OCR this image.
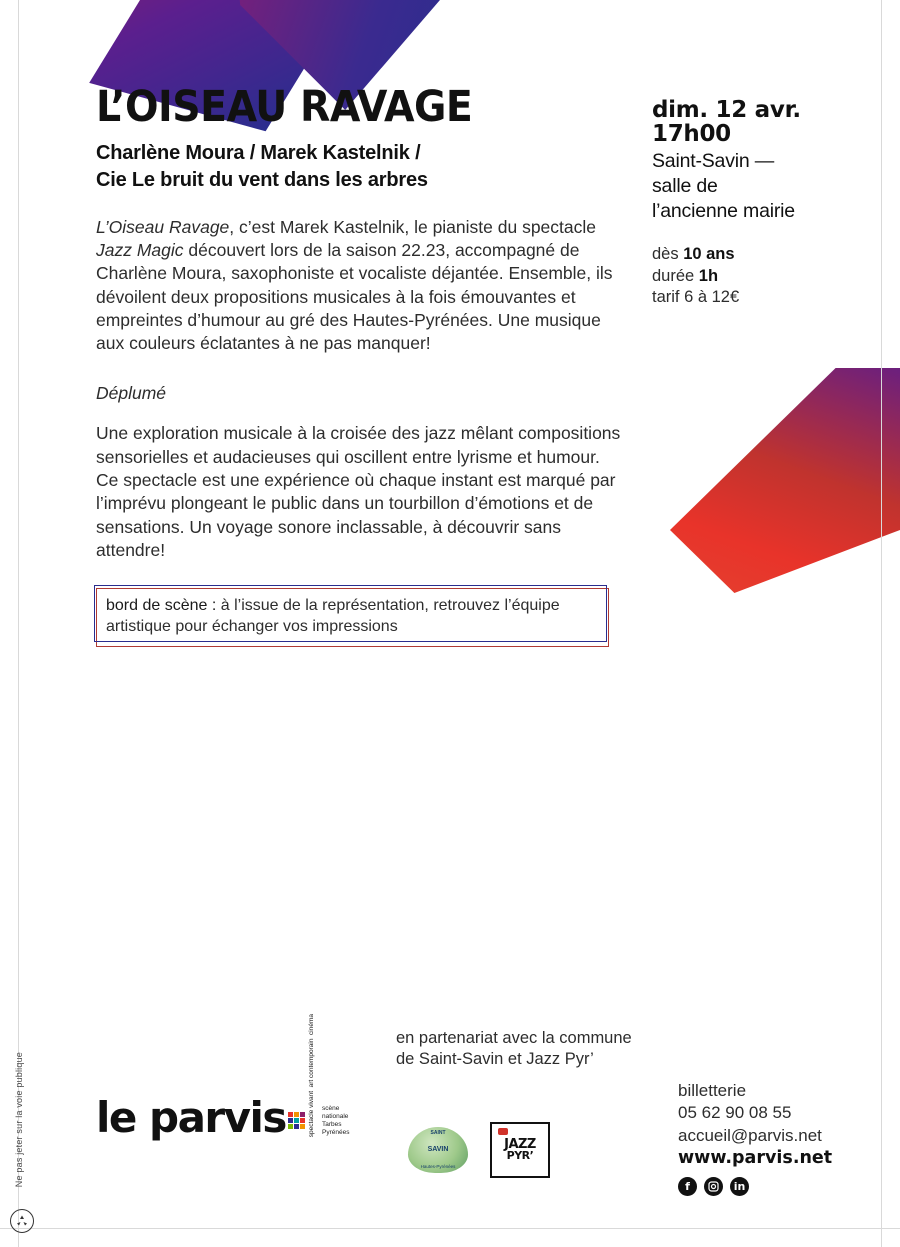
Ne pas jeter sur la voie publique
L’OISEAU RAVAGE
Charlène Moura / Marek Kastelnik /
Cie Le bruit du vent dans les arbres

L’Oiseau Ravage, c’est Marek Kastelnik, le pianiste du spectacle Jazz Magic découvert lors de la saison 22.23, accompagné de Charlène Moura, saxophoniste et vocaliste déjantée. Ensemble, ils dévoilent deux propositions musicales à la fois émouvantes et empreintes d’humour au gré des Hautes-Pyrénées. Une musique aux couleurs éclatantes à ne pas manquer!

Déplumé

Une exploration musicale à la croisée des jazz mêlant compositions sensorielles et audacieuses qui oscillent entre lyrisme et humour. Ce spectacle est une expérience où chaque instant est marqué par l’imprévu plongeant le public dans un tourbillon d’émotions et de sensations. Un voyage sonore inclassable, à découvrir sans attendre!

bord de scène : à l’issue de la représentation, retrouvez l’équipe artistique pour échanger vos impressions
dim. 12 avr.
17h00
Saint-Savin —
salle de
l’ancienne mairie
dès 10 ans
durée 1h
tarif 6 à 12€
le parvis	spectacle vivant  art contemporain  cinéma scène
nationale
Tarbes
Pyrénées
en partenariat avec la commune de Saint-Savin et Jazz Pyr’
SAINT
SAVIN
Hautes-Pyrénées
JAZZ
PYR’
billetterie
05 62 90 08 55
accueil@parvis.net
www.parvis.net
f	in
